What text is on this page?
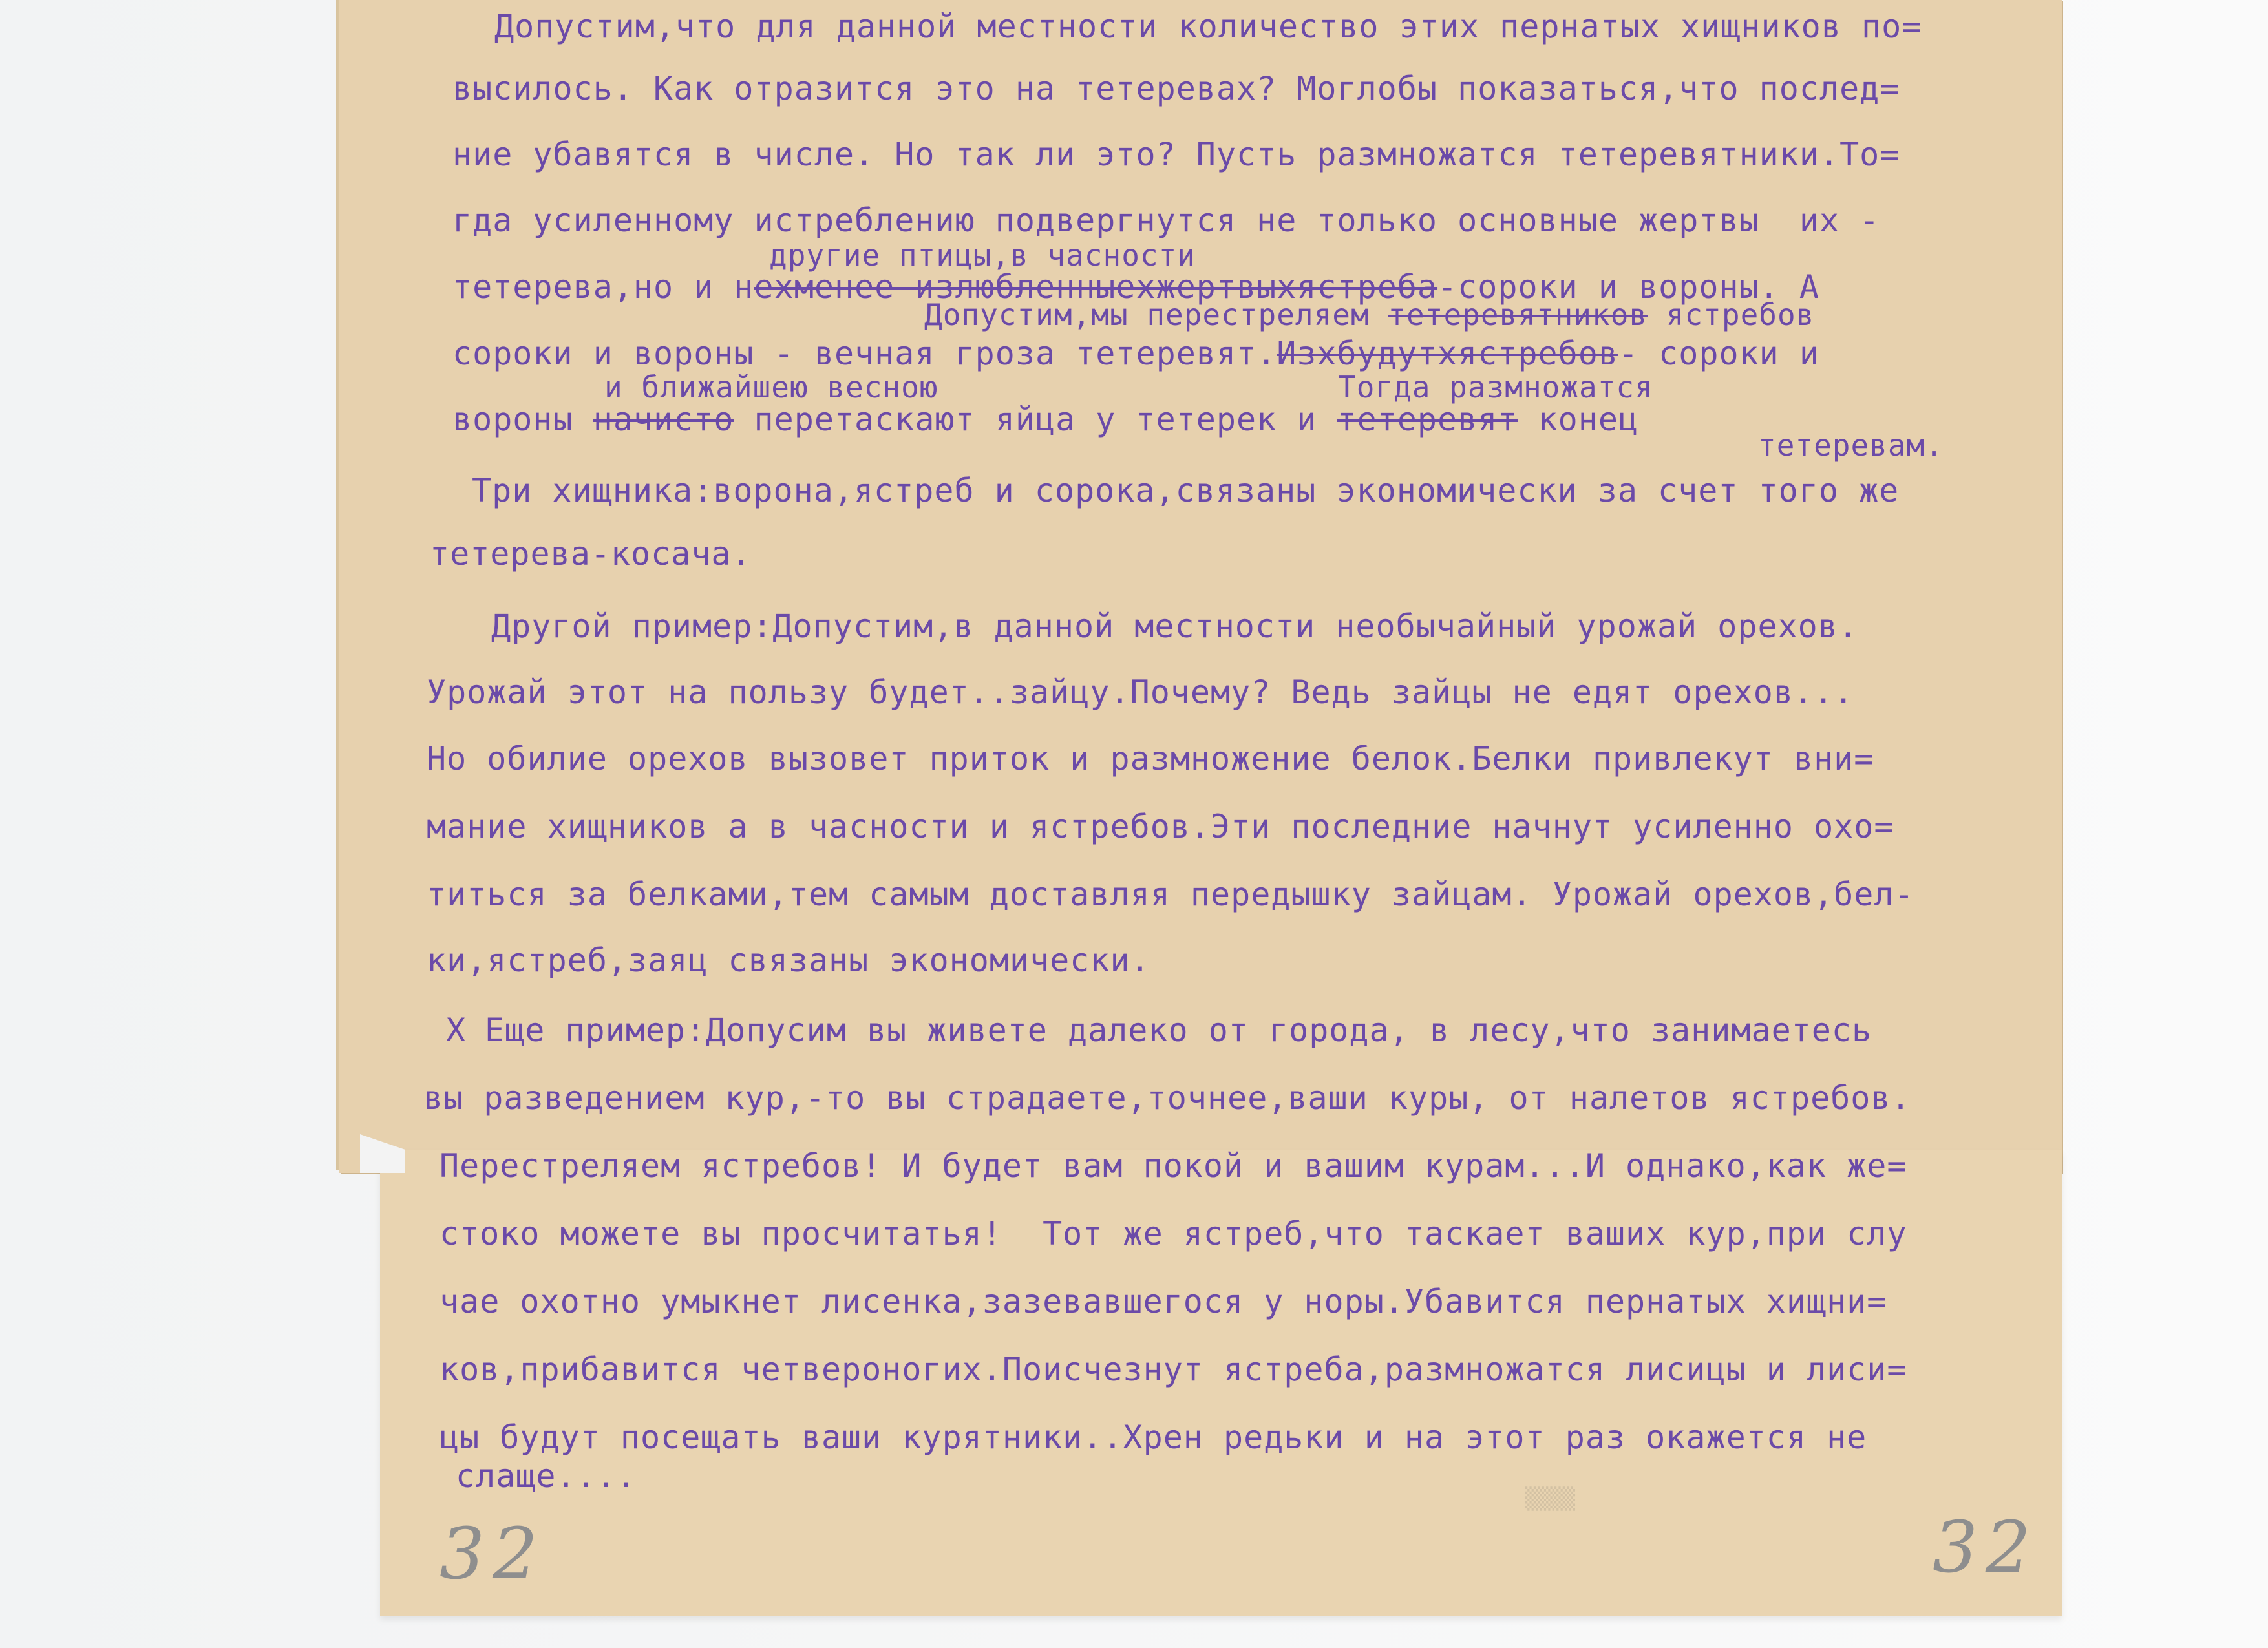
Допустим,что для данной местности количество этих пернатых хищников по=
высилось. Как отразится это на тетеревах? Моглобы показаться,что послед=
ние убавятся в числе. Но так ли это? Пусть размножатся тетеревятники.То=
гда усиленному истреблению подвергнутся не только основные жертвы  их -
другие птицы,в часности
тетерева,но и нехменее излюбленныехжертвыхястреба-сороки и вороны. А
Допустим,мы перестреляем тетеревятников ястребов
сороки и вороны - вечная гроза тетеревят.Изхбудутхястребов- сороки и
и ближайшею весною	Тогда размножатся
вороны начисто перетаскают яйца у тетерек и тетеревят конец
тетеревам.
Три хищника:ворона,ястреб и сорока,связаны экономически за счет того же
тетерева-косача.
Другой пример:Допустим,в данной местности необычайный урожай орехов.
Урожай этот на пользу будет..зайцу.Почему? Ведь зайцы не едят орехов...
Но обилие орехов вызовет приток и размножение белок.Белки привлекут вни=
мание хищников а в часности и ястребов.Эти последние начнут усиленно охо=
титься за белками,тем самым доставляя передышку зайцам. Урожай орехов,бел-
ки,ястреб,заяц связаны экономически.
X Еще пример:Допусим вы живете далеко от города, в лесу,что занимаетесь
вы разведением кур,-то вы страдаете,точнее,ваши куры, от налетов ястребов.
Перестреляем ястребов! И будет вам покой и вашим курам...И однако,как же=
стоко можете вы просчитатья!  Тот же ястреб,что таскает ваших кур,при слу
чае охотно умыкнет лисенка,зазевавшегося у норы.Убавится пернатых хищни=
ков,прибавится четвероногих.Поисчезнут ястреба,размножатся лисицы и лиси=
цы будут посещать ваши курятники..Хрен редьки и на этот раз окажется не
слаще....
▒▒▒▒
32	32
